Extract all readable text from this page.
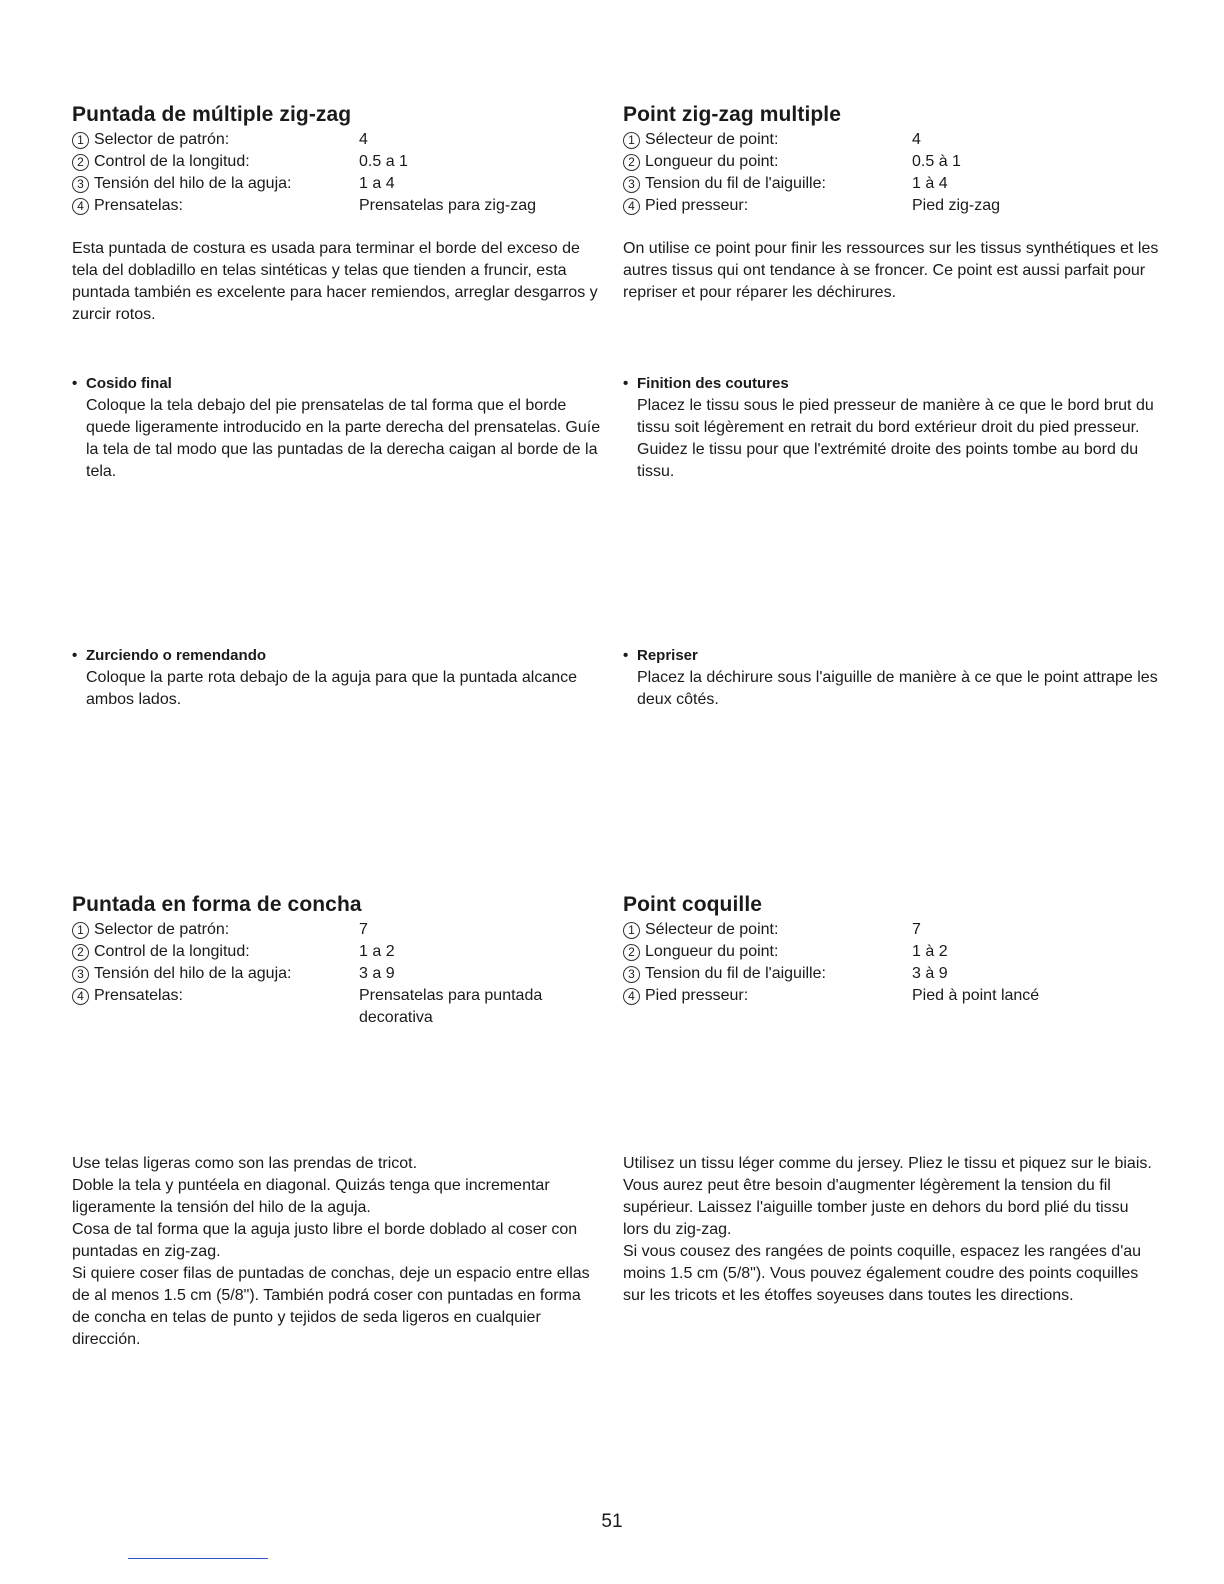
Puntada de múltiple zig-zag
1 Selector de patrón:	4
2 Control de la longitud:	0.5 a 1
3 Tensión del hilo de la aguja:	1 a 4
4 Prensatelas:	Prensatelas para zig-zag

Esta puntada de costura es usada para terminar el borde del exceso de tela del dobladillo en telas sintéticas y telas que tienden a fruncir, esta puntada también es excelente para hacer remiendos, arreglar desgarros y zurcir rotos.

Point zig-zag multiple
1 Sélecteur de point:	4
2 Longueur du point:	0.5 à 1
3 Tension du fil de l'aiguille:	1 à 4
4 Pied presseur:	Pied zig-zag

On utilise ce point pour finir les ressources sur les tissus synthétiques et les autres tissus qui ont tendance à se froncer. Ce point est aussi parfait pour repriser et pour réparer les déchirures.

• Cosido final

Coloque la tela debajo del pie prensatelas de tal forma que el borde quede ligeramente introducido en la parte derecha del prensatelas. Guíe la tela de tal modo que las puntadas de la derecha caigan al borde de la tela.

• Finition des coutures

Placez le tissu sous le pied presseur de manière à ce que le bord brut du tissu soit légèrement en retrait du bord extérieur droit du pied presseur. Guidez le tissu pour que l'extrémité droite des points tombe au bord du tissu.

• Zurciendo o remendando

Coloque la parte rota debajo de la aguja para que la puntada alcance ambos lados.

• Repriser

Placez la déchirure sous l'aiguille de manière à ce que le point attrape les deux côtés.

Puntada en forma de concha
1 Selector de patrón:	7
2 Control de la longitud:	1 a 2
3 Tensión del hilo de la aguja:	3 a 9
4 Prensatelas:	Prensatelas para puntada decorativa
Point coquille
1 Sélecteur de point:	7
2 Longueur du point:	1 à 2
3 Tension du fil de l'aiguille:	3 à 9
4 Pied presseur:	Pied à point lancé

Use telas ligeras como son las prendas de tricot.

Doble la tela y puntéela en diagonal. Quizás tenga que incrementar ligeramente la tensión del hilo de la aguja.

Cosa de tal forma que la aguja justo libre el borde doblado al coser con puntadas en zig-zag.

Si quiere coser filas de puntadas de conchas, deje un espacio entre ellas de al menos 1.5 cm (5/8"). También podrá coser con puntadas en forma de concha en telas de punto y tejidos de seda ligeros en cualquier dirección.

Utilisez un tissu léger comme du jersey. Pliez le tissu et piquez sur le biais. Vous aurez peut être besoin d'augmenter légèrement la tension du fil supérieur. Laissez l'aiguille tomber juste en dehors du bord plié du tissu lors du zig-zag.

Si vous cousez des rangées de points coquille, espacez les rangées d'au moins 1.5 cm (5/8"). Vous pouvez également coudre des points coquilles sur les tricots et les étoffes soyeuses dans toutes les directions.

51
